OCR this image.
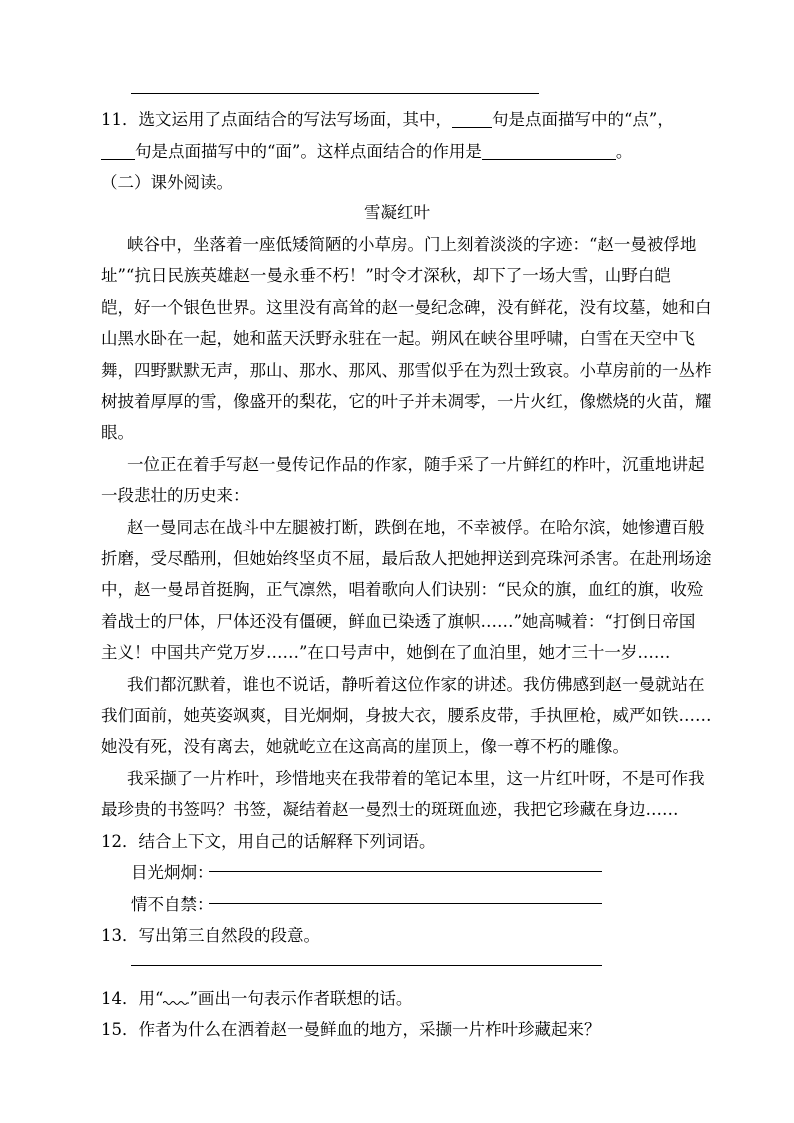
11．选文运用了点面结合的写法写场面，其中， 句是点面描写中的“点”，
句是点面描写中的“面”。这样点面结合的作用是	。
（二）课外阅读。
雪凝红叶
峡谷中，坐落着一座低矮简陋的小草房。门上刻着淡淡的字迹：“赵一曼被俘地
址”“抗日民族英雄赵一曼永垂不朽！”时令才深秋，却下了一场大雪，山野白皑
皑，好一个银色世界。这里没有高耸的赵一曼纪念碑，没有鲜花，没有坟墓，她和白
山黑水卧在一起，她和蓝天沃野永驻在一起。朔风在峡谷里呼啸，白雪在天空中飞
舞，四野默默无声，那山、那水、那风、那雪似乎在为烈士致哀。小草房前的一丛柞
树披着厚厚的雪，像盛开的梨花，它的叶子并未凋零，一片火红，像燃烧的火苗，耀
眼。
一位正在着手写赵一曼传记作品的作家，随手采了一片鲜红的柞叶，沉重地讲起
一段悲壮的历史来：
赵一曼同志在战斗中左腿被打断，跌倒在地，不幸被俘。在哈尔滨，她惨遭百般
折磨，受尽酷刑，但她始终坚贞不屈，最后敌人把她押送到亮珠河杀害。在赴刑场途
中，赵一曼昂首挺胸，正气凛然，唱着歌向人们诀别：“民众的旗，血红的旗，收殓
着战士的尸体，尸体还没有僵硬，鲜血已染透了旗帜……”她高喊着：“打倒日帝国
主义！中国共产党万岁……”在口号声中，她倒在了血泊里，她才三十一岁……
我们都沉默着，谁也不说话，静听着这位作家的讲述。我仿佛感到赵一曼就站在
我们面前，她英姿飒爽，目光炯炯，身披大衣，腰系皮带，手执匣枪，威严如铁……
她没有死，没有离去，她就屹立在这高高的崖顶上，像一尊不朽的雕像。
我采撷了一片柞叶，珍惜地夹在我带着的笔记本里，这一片红叶呀，不是可作我
最珍贵的书签吗？书签，凝结着赵一曼烈士的斑斑血迹，我把它珍藏在身边……
12．结合上下文，用自己的话解释下列词语。
目光炯炯：
情不自禁：
13．写出第三自然段的段意。
14．用“ ”画出一句表示作者联想的话。
15．作者为什么在洒着赵一曼鲜血的地方，采撷一片柞叶珍藏起来？
